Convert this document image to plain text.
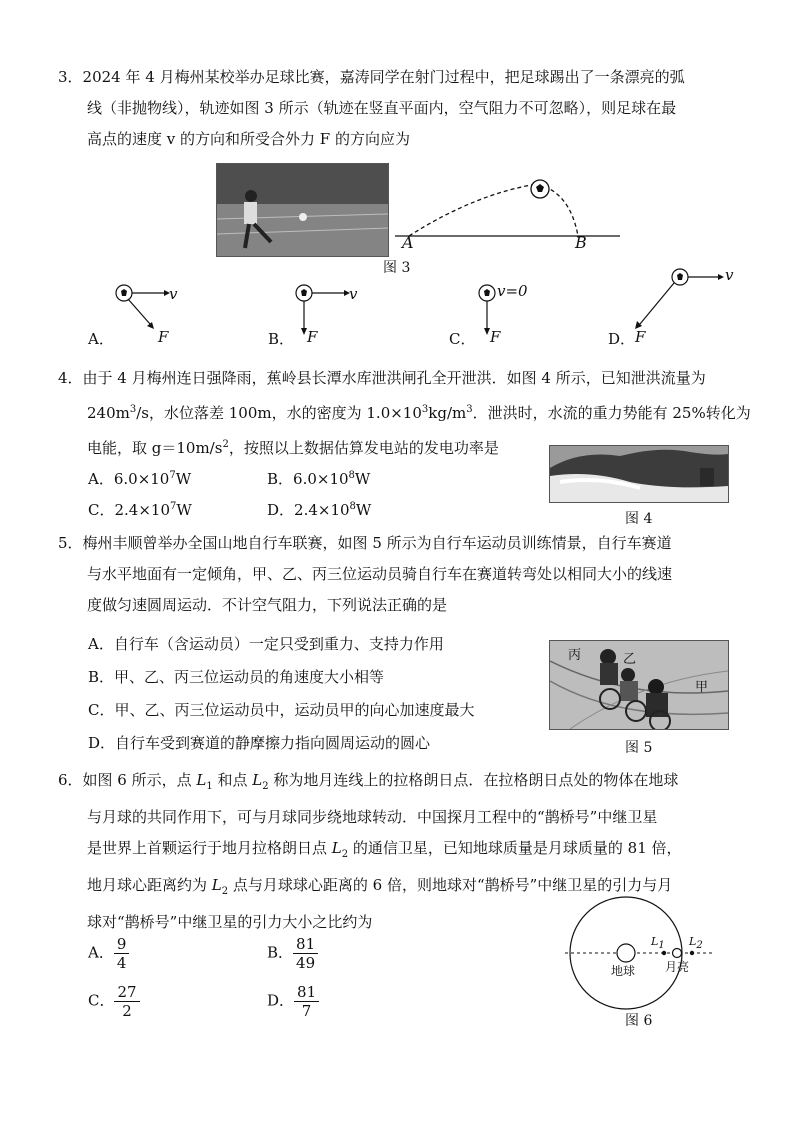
3．2024 年 4 月梅州某校举办足球比赛，嘉涛同学在射门过程中，把足球踢出了一条漂亮的弧
线（非抛物线），轨迹如图 3 所示（轨迹在竖直平面内，空气阻力不可忽略），则足球在最
高点的速度 v 的方向和所受合外力 F 的方向应为
A	B
图 3
v
F
v
F
v=0
F
v
F
A．	B．	C．	D．
4．由于 4 月梅州连日强降雨，蕉岭县长潭水库泄洪闸孔全开泄洪．如图 4 所示，已知泄洪流量为
$240m^3/s$，水位落差 100m，水的密度为 $1.0\times 10^3kg/m^3$．泄洪时，水流的重力势能有 25%转化为
电能，取 $g=10m/s^2$，按照以上数据估算发电站的发电功率是
A．$6.0\times 10^7W$	B．$6.0\times 10^8W$
C．$2.4\times 10^7W$	D．$2.4\times 10^8W$	图 4
5．梅州丰顺曾举办全国山地自行车联赛，如图 5 所示为自行车运动员训练情景，自行车赛道
与水平地面有一定倾角，甲、乙、丙三位运动员骑自行车在赛道转弯处以相同大小的线速
度做匀速圆周运动．不计空气阻力，下列说法正确的是
A．自行车（含运动员）一定只受到重力、支持力作用
B．甲、乙、丙三位运动员的角速度大小相等
C．甲、乙、丙三位运动员中，运动员甲的向心加速度最大
D．自行车受到赛道的静摩擦力指向圆周运动的圆心
丙	乙
甲
图 5
6．如图 6 所示，点 $L_1$ 和点 $L_2$ 称为地月连线上的拉格朗日点．在拉格朗日点处的物体在地球
与月球的共同作用下，可与月球同步绕地球转动．中国探月工程中的“鹊桥号”中继卫星
是世界上首颗运行于地月拉格朗日点 $L_2$ 的通信卫星，已知地球质量是月球质量的 81 倍，
地月球心距离约为 $L_2$ 点与月球球心距离的 6 倍，则地球对“鹊桥号”中继卫星的引力与月
球对“鹊桥号”中继卫星的引力大小之比约为
A． $\frac{9}{4}$	B． $\frac{81}{49}$
C． $\frac{27}{2}$	D． $\frac{81}{7}$
$L_1$ $L_2$
地球 月亮
图 6
